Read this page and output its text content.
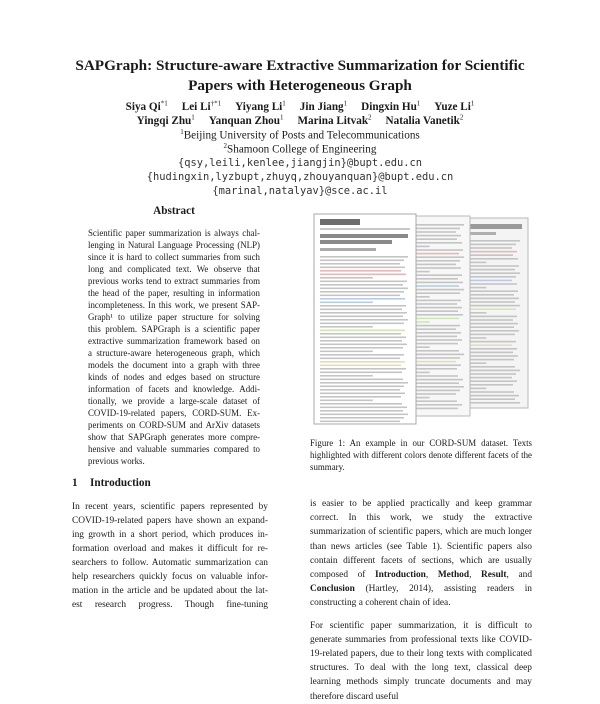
SAPGraph: Structure-aware Extractive Summarization for Scientific Papers with Heterogeneous Graph
Siya Qi$^{*1}$ Lei Li$^{\dagger*1}$ Yiyang Li$^1$ Jin Jiang$^1$ Dingxin Hu$^1$ Yuze Li$^1$
Yingqi Zhu$^1$ Yanquan Zhou$^1$ Marina Litvak$^2$ Natalia Vanetik$^2$
$^1$Beijing University of Posts and Telecommunications
$^2$Shamoon College of Engineering
{qsy,leili,kenlee,jiangjin}@bupt.edu.cn
{hudingxin,lyzbupt,zhuyq,zhouyanquan}@bupt.edu.cn
{marinal,natalyav}@sce.ac.il
Abstract
Scientific paper summarization is always chal-
lenging in Natural Language Processing (NLP)
since it is hard to collect summaries from such
long and complicated text. We observe that
previous works tend to extract summaries from
the head of the paper, resulting in information
incompleteness. In this work, we present SAP-
Graph¹ to utilize paper structure for solving
this problem. SAPGraph is a scientific paper
extractive summarization framework based on
a structure-aware heterogeneous graph, which
models the document into a graph with three
kinds of nodes and edges based on structure
information of facets and knowledge. Addi-
tionally, we provide a large-scale dataset of
COVID-19-related papers, CORD-SUM. Ex-
periments on CORD-SUM and ArXiv datasets
show that SAPGraph generates more compre-
hensive and valuable summaries compared to
previous works.
Figure 1: An example in our CORD-SUM dataset. Texts highlighted with different colors denote different facets of the summary.

is easier to be applied practically and keep grammar correct. In this work, we study the extractive summarization of scientific papers, which are much longer than news articles (see Table 1). Scientific papers also contain different facets of sections, which are usually composed of Introduction, Method, Result, and Conclusion (Hartley, 2014), assisting readers in constructing a coherent chain of idea.

For scientific paper summarization, it is difficult to generate summaries from professional texts like COVID-19-related papers, due to their long texts with complicated structures. To deal with the long text, classical deep learning methods simply truncate documents and may therefore discard useful

1 Introduction
In recent years, scientific papers represented by
COVID-19-related papers have shown an expand-
ing growth in a short period, which produces in-
formation overload and makes it difficult for re-
searchers to follow. Automatic summarization can
help researchers quickly focus on valuable infor-
mation in the article and be updated about the lat-
est research progress. Though fine-tuning
